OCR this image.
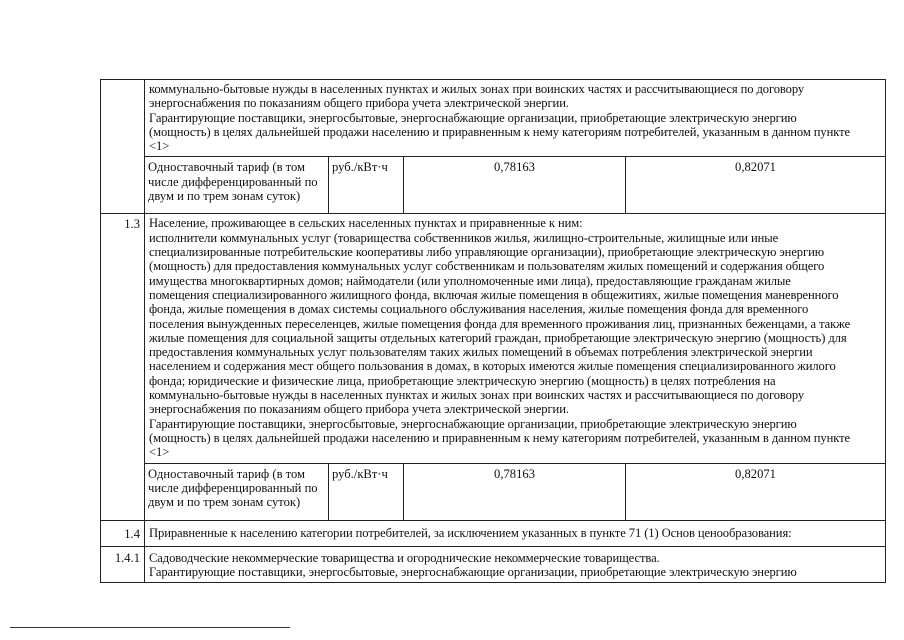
коммунально-бытовые нужды в населенных пунктах и жилых зонах при воинских частях и рассчитывающиеся по договору
энергоснабжения по показаниям общего прибора учета электрической энергии.
Гарантирующие поставщики, энергосбытовые, энергоснабжающие организации, приобретающие электрическую энергию
(мощность) в целях дальнейшей продажи населению и приравненным к нему категориям потребителей, указанным в данном пункте
<1>
Одноставочный тариф (в том
числе дифференцированный по
двум и по трем зонам суток)
руб./кВт·ч	0,78163	0,82071
1.3 Население, проживающее в сельских населенных пунктах и приравненные к ним:
исполнители коммунальных услуг (товарищества собственников жилья, жилищно-строительные, жилищные или иные
специализированные потребительские кооперативы либо управляющие организации), приобретающие электрическую энергию
(мощность) для предоставления коммунальных услуг собственникам и пользователям жилых помещений и содержания общего
имущества многоквартирных домов; наймодатели (или уполномоченные ими лица), предоставляющие гражданам жилые
помещения специализированного жилищного фонда, включая жилые помещения в общежитиях, жилые помещения маневренного
фонда, жилые помещения в домах системы социального обслуживания населения, жилые помещения фонда для временного
поселения вынужденных переселенцев, жилые помещения фонда для временного проживания лиц, признанных беженцами, а также
жилые помещения для социальной защиты отдельных категорий граждан, приобретающие электрическую энергию (мощность) для
предоставления коммунальных услуг пользователям таких жилых помещений в объемах потребления электрической энергии
населением и содержания мест общего пользования в домах, в которых имеются жилые помещения специализированного жилого
фонда; юридические и физические лица, приобретающие электрическую энергию (мощность) в целях потребления на
коммунально-бытовые нужды в населенных пунктах и жилых зонах при воинских частях и рассчитывающиеся по договору
энергоснабжения по показаниям общего прибора учета электрической энергии.
Гарантирующие поставщики, энергосбытовые, энергоснабжающие организации, приобретающие электрическую энергию
(мощность) в целях дальнейшей продажи населению и приравненным к нему категориям потребителей, указанным в данном пункте
<1>
Одноставочный тариф (в том
числе дифференцированный по
двум и по трем зонам суток)
руб./кВт·ч	0,78163	0,82071
1.4 Приравненные к населению категории потребителей, за исключением указанных в пункте 71 (1) Основ ценообразования:
1.4.1 Садоводческие некоммерческие товарищества и огороднические некоммерческие товарищества.
Гарантирующие поставщики, энергосбытовые, энергоснабжающие организации, приобретающие электрическую энергию
